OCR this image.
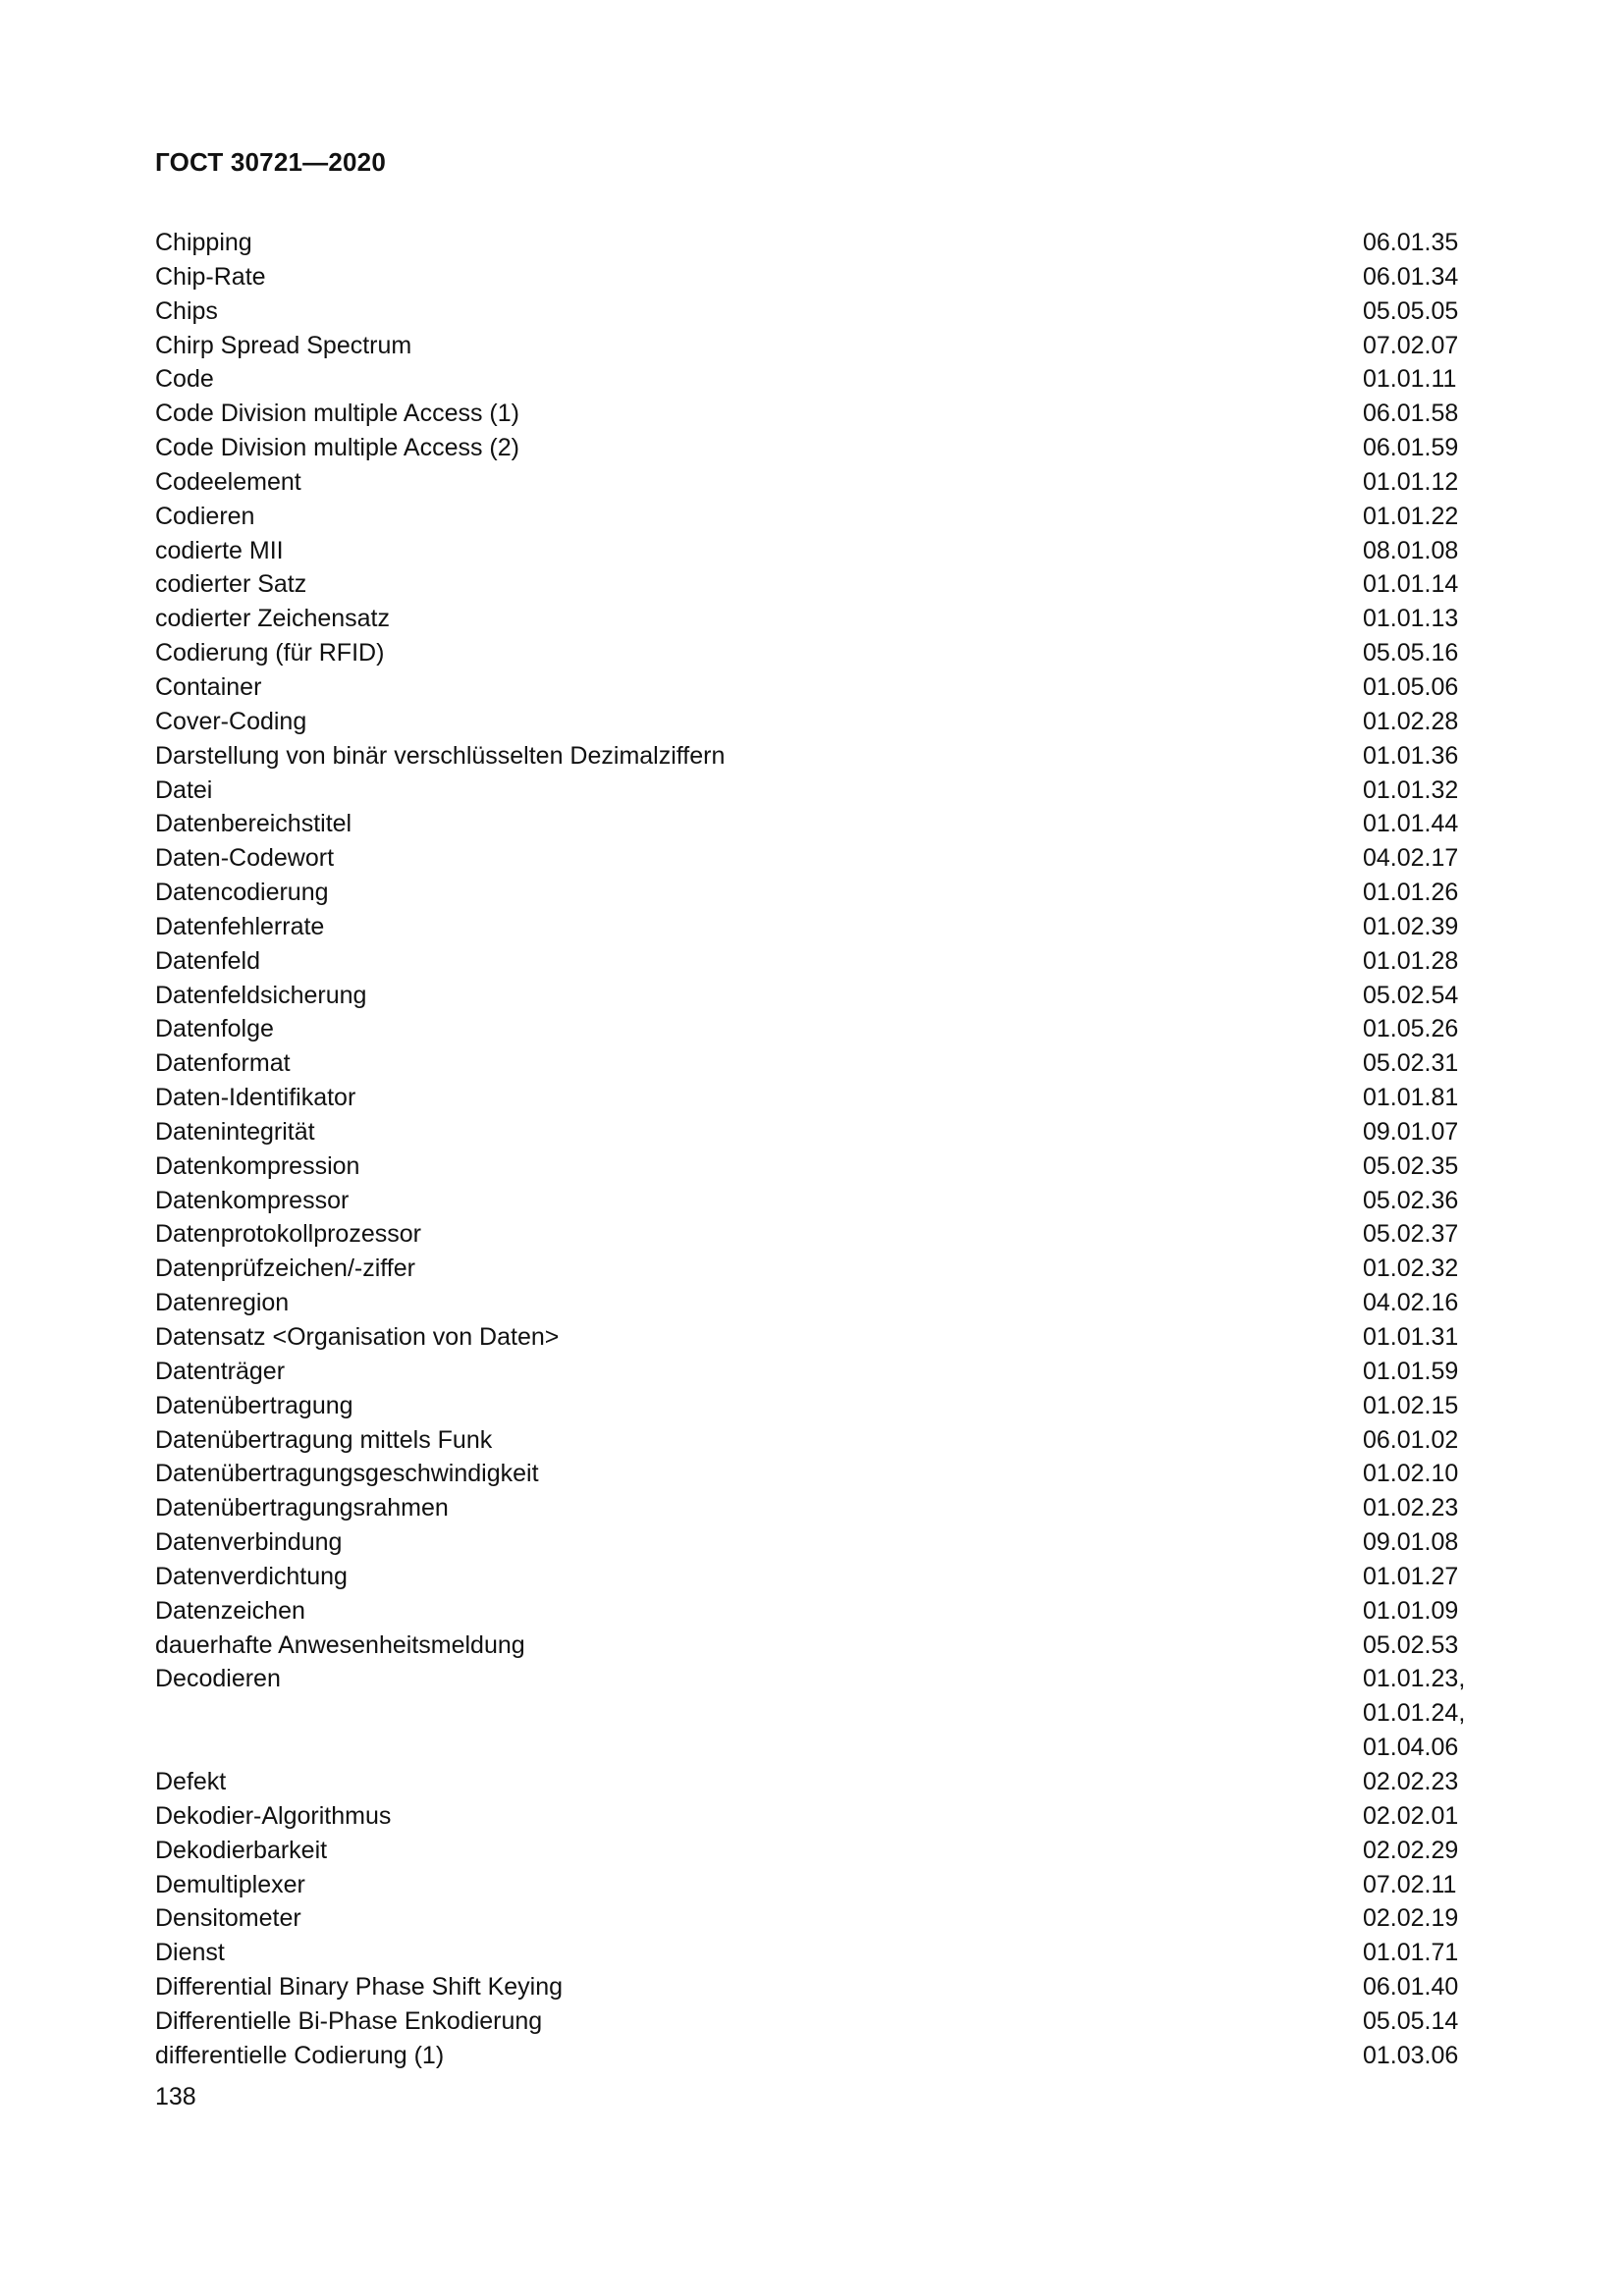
ГОСТ 30721—2020
Chipping	06.01.35
Chip-Rate	06.01.34
Chips	05.05.05
Chirp Spread Spectrum	07.02.07
Code	01.01.11
Code Division multiple Access (1)	06.01.58
Code Division multiple Access (2)	06.01.59
Codeelement	01.01.12
Codieren	01.01.22
codierte MII	08.01.08
codierter Satz	01.01.14
codierter Zeichensatz	01.01.13
Codierung (für RFID)	05.05.16
Container	01.05.06
Cover-Coding	01.02.28
Darstellung von binär verschlüsselten Dezimalziffern	01.01.36
Datei	01.01.32
Datenbereichstitel	01.01.44
Daten-Codewort	04.02.17
Datencodierung	01.01.26
Datenfehlerrate	01.02.39
Datenfeld	01.01.28
Datenfeldsicherung	05.02.54
Datenfolge	01.05.26
Datenformat	05.02.31
Daten-Identifikator	01.01.81
Datenintegrität	09.01.07
Datenkompression	05.02.35
Datenkompressor	05.02.36
Datenprotokollprozessor	05.02.37
Datenprüfzeichen/-ziffer	01.02.32
Datenregion	04.02.16
Datensatz <Organisation von Daten>	01.01.31
Datenträger	01.01.59
Datenübertragung	01.02.15
Datenübertragung mittels Funk	06.01.02
Datenübertragungsgeschwindigkeit	01.02.10
Datenübertragungsrahmen	01.02.23
Datenverbindung	09.01.08
Datenverdichtung	01.01.27
Datenzeichen	01.01.09
dauerhafte Anwesenheitsmeldung	05.02.53
Decodieren	01.01.23,
01.01.24,
01.04.06
Defekt	02.02.23
Dekodier-Algorithmus	02.02.01
Dekodierbarkeit	02.02.29
Demultiplexer	07.02.11
Densitometer	02.02.19
Dienst	01.01.71
Differential Binary Phase Shift Keying	06.01.40
Differentielle Bi-Phase Enkodierung	05.05.14
differentielle Codierung (1)	01.03.06
138
